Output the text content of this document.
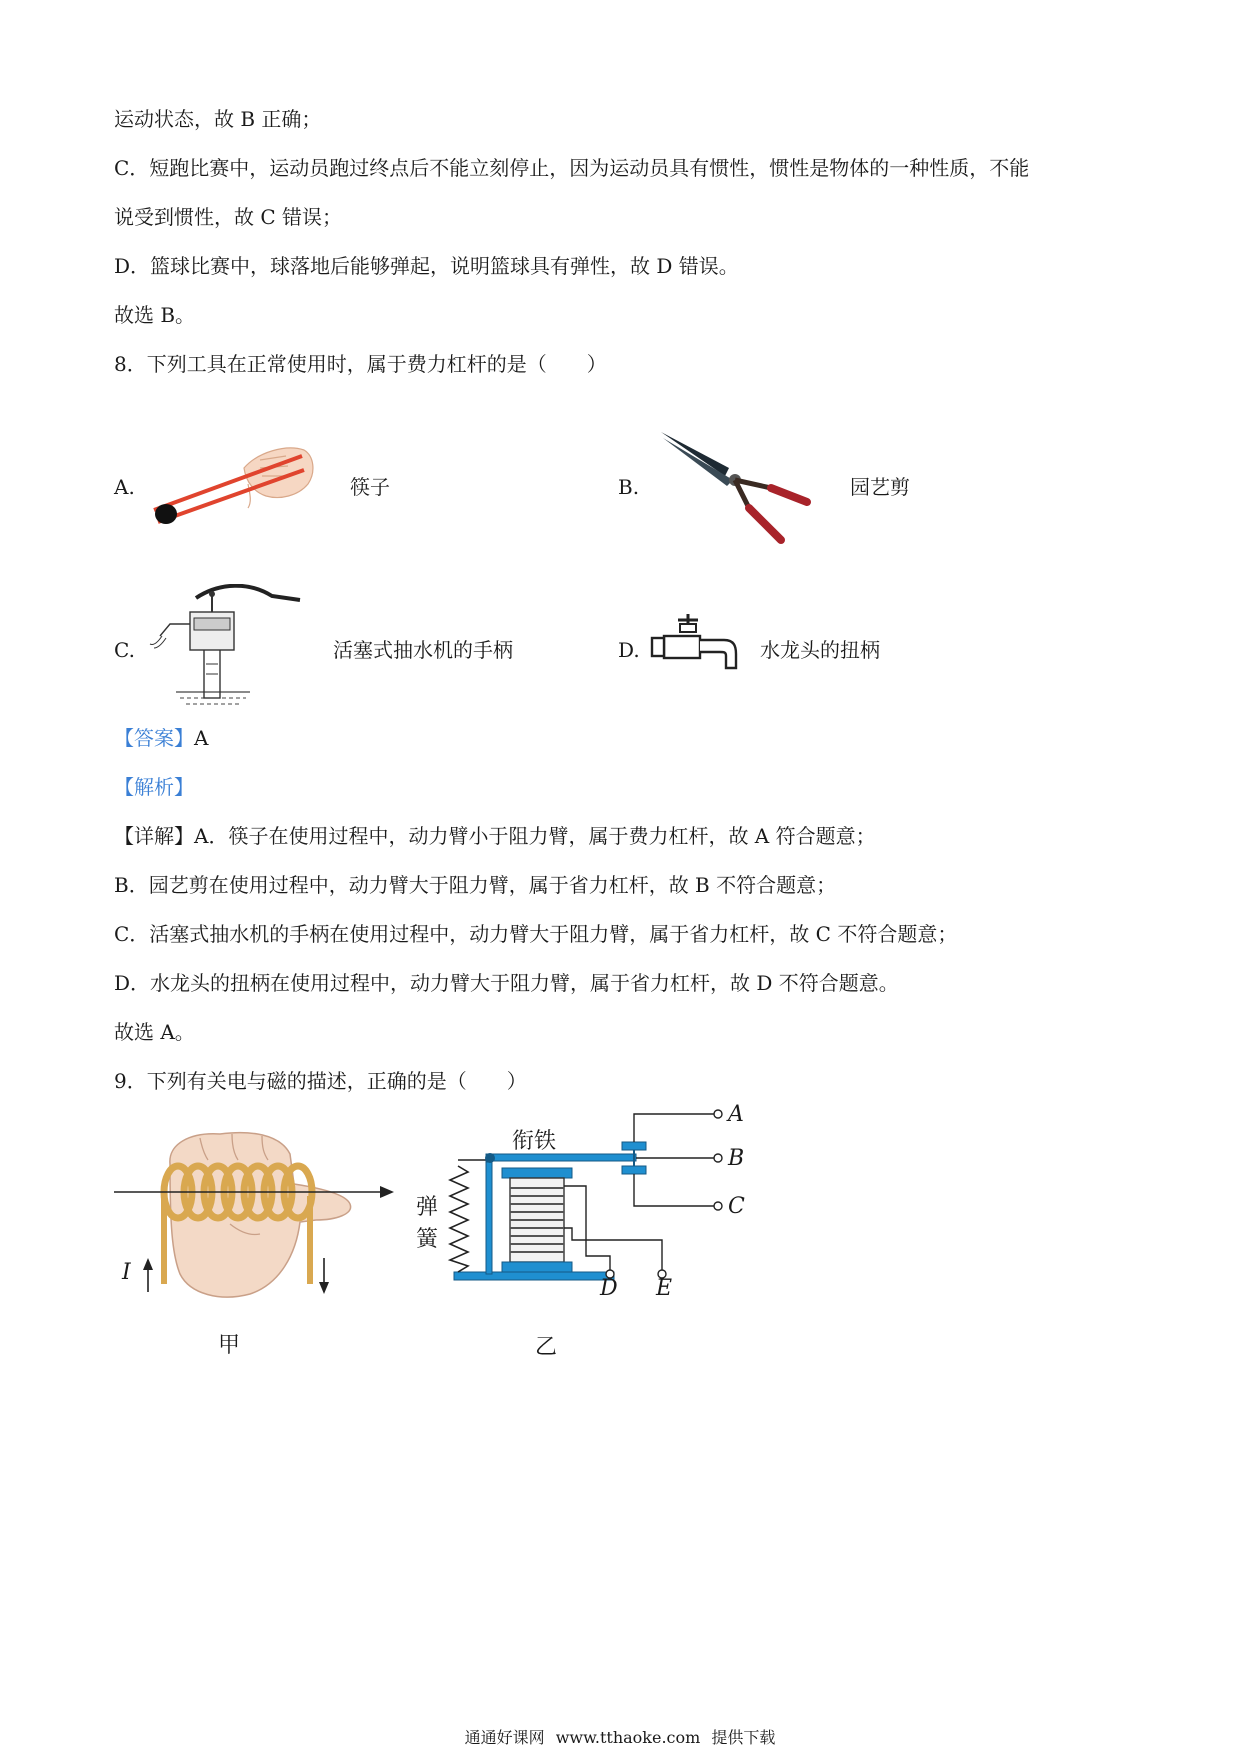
运动状态，故 B 正确；
C．短跑比赛中，运动员跑过终点后不能立刻停止，因为运动员具有惯性，惯性是物体的一种性质，不能
说受到惯性，故 C 错误；
D．篮球比赛中，球落地后能够弹起，说明篮球具有弹性，故 D 错误。
故选 B。
8．下列工具在正常使用时，属于费力杠杆的是（　　）
A.	筷子	B.	园艺剪
C.	活塞式抽水机的手柄	D.	水龙头的扭柄
【答案】A
【解析】
【详解】A．筷子在使用过程中，动力臂小于阻力臂，属于费力杠杆，故 A 符合题意；
B．园艺剪在使用过程中，动力臂大于阻力臂，属于省力杠杆，故 B 不符合题意；
C．活塞式抽水机的手柄在使用过程中，动力臂大于阻力臂，属于省力杠杆，故 C 不符合题意；
D．水龙头的扭柄在使用过程中，动力臂大于阻力臂，属于省力杠杆，故 D 不符合题意。
故选 A。
9．下列有关电与磁的描述，正确的是（　　）
I
甲
衔铁
弹
簧
A
B
C
D E
乙
通通好课网 www.tthaoke.com 提供下载
